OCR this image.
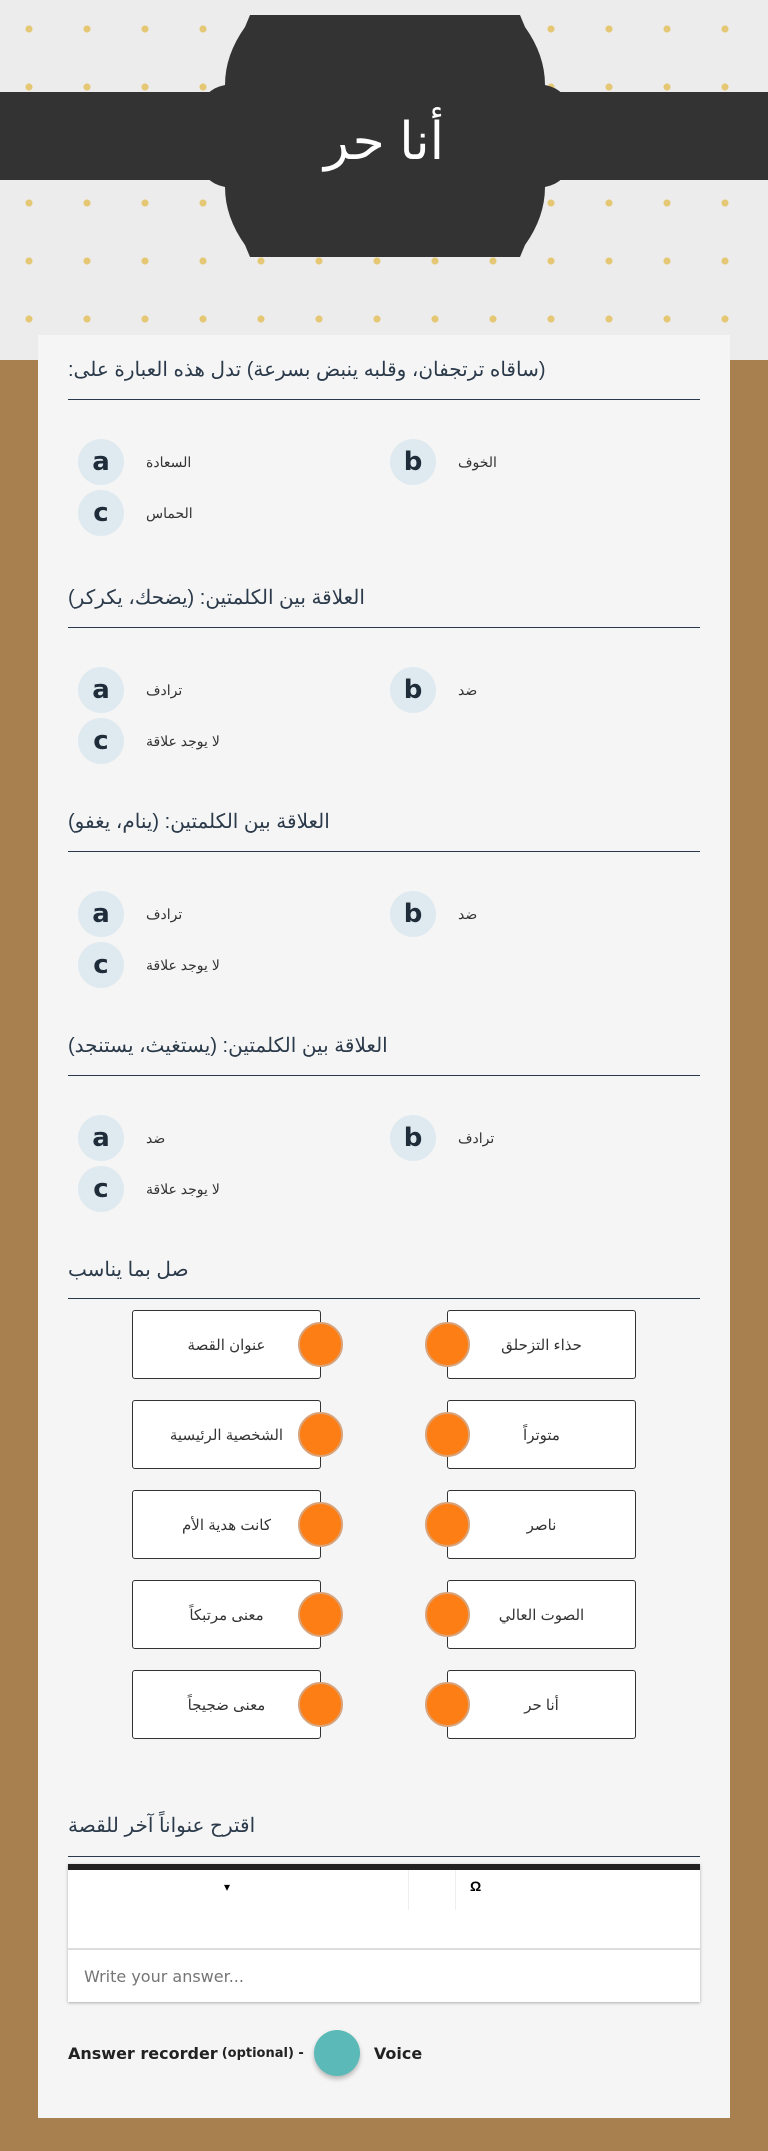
أنا حر
اقترح عنواناً آخر للقصة
▾	Ω
Write your answer...
Answer recorder (optional) -	Voice
(ساقاه ترتجفان، وقلبه ينبض بسرعة) تدل هذه العبارة على:
a	السعادة	b	الخوف
c	الحماس
العلاقة بين الكلمتين: (يضحك، يكركر)
a	ترادف	b	ضد
c	لا يوجد علاقة
العلاقة بين الكلمتين: (ينام، يغفو)
a	ترادف	b	ضد
c	لا يوجد علاقة
العلاقة بين الكلمتين: (يستغيث، يستنجد)
a	ضد	b	ترادف
c	لا يوجد علاقة
صل بما يناسب
عنوان القصة	حذاء التزحلق
الشخصية الرئيسية	متوتراً
كانت هدية الأم	ناصر
معنى مرتبكاً	الصوت العالي
معنى ضجيجاً	أنا حر
